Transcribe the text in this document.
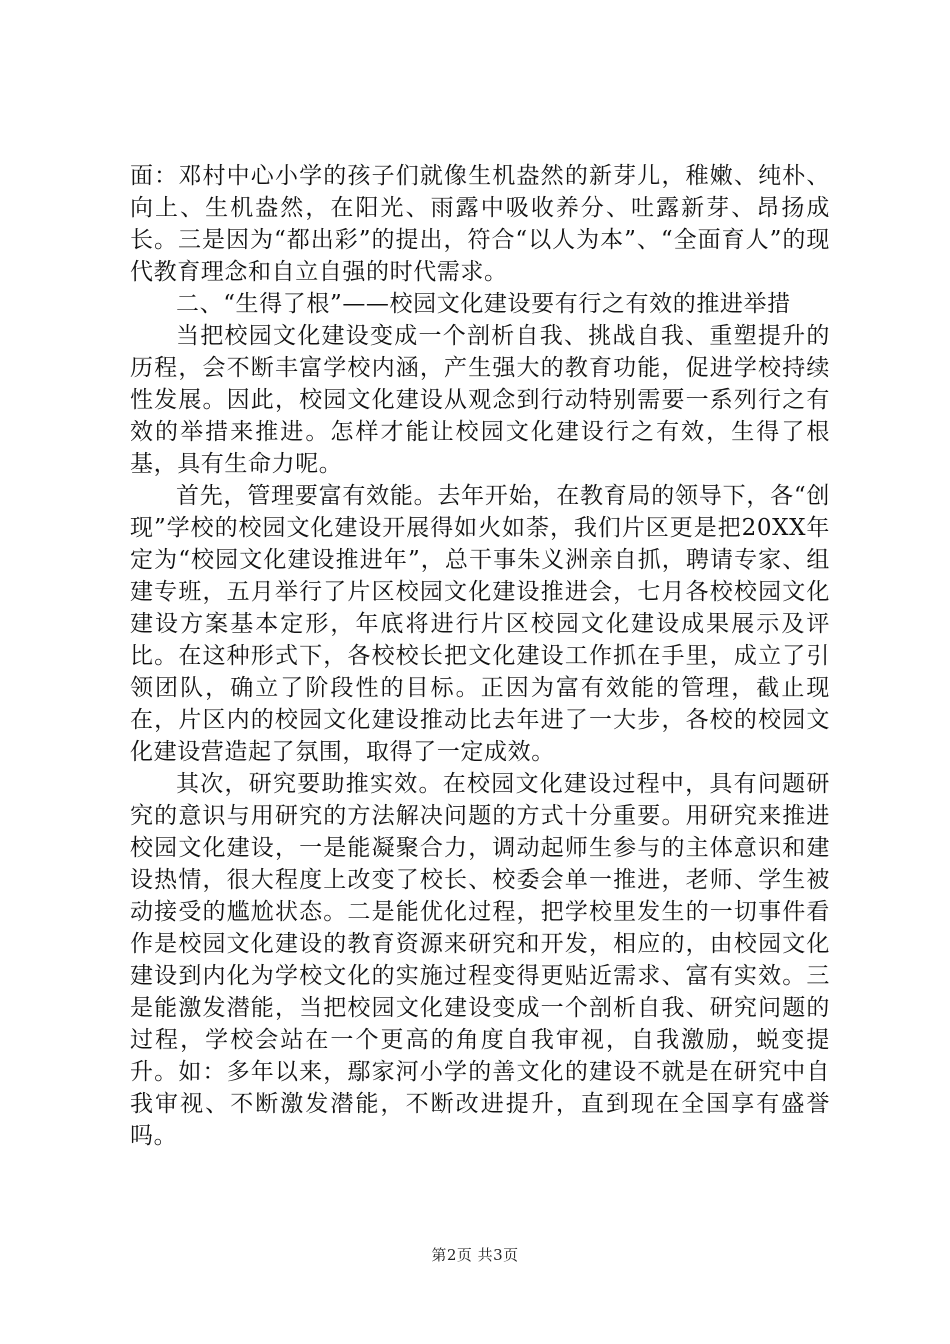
面：邓村中心小学的孩子们就像生机盎然的新芽儿，稚嫩、纯朴、向上、生机盎然，在阳光、雨露中吸收养分、吐露新芽、昂扬成长。三是因为“都出彩”的提出，符合“以人为本”、“全面育人”的现代教育理念和自立自强的时代需求。

二、“生得了根”——校园文化建设要有行之有效的推进举措

当把校园文化建设变成一个剖析自我、挑战自我、重塑提升的历程，会不断丰富学校内涵，产生强大的教育功能，促进学校持续性发展。因此，校园文化建设从观念到行动特别需要一系列行之有效的举措来推进。怎样才能让校园文化建设行之有效，生得了根基，具有生命力呢。

首先，管理要富有效能。去年开始，在教育局的领导下，各“创现”学校的校园文化建设开展得如火如荼，我们片区更是把20XX年定为“校园文化建设推进年”，总干事朱义洲亲自抓，聘请专家、组建专班，五月举行了片区校园文化建设推进会，七月各校校园文化建设方案基本定形，年底将进行片区校园文化建设成果展示及评比。在这种形式下，各校校长把文化建设工作抓在手里，成立了引领团队，确立了阶段性的目标。正因为富有效能的管理，截止现在，片区内的校园文化建设推动比去年进了一大步，各校的校园文化建设营造起了氛围，取得了一定成效。

其次，研究要助推实效。在校园文化建设过程中，具有问题研究的意识与用研究的方法解决问题的方式十分重要。用研究来推进校园文化建设，一是能凝聚合力，调动起师生参与的主体意识和建设热情，很大程度上改变了校长、校委会单一推进，老师、学生被动接受的尴尬状态。二是能优化过程，把学校里发生的一切事件看作是校园文化建设的教育资源来研究和开发，相应的，由校园文化建设到内化为学校文化的实施过程变得更贴近需求、富有实效。三是能激发潜能，当把校园文化建设变成一个剖析自我、研究问题的过程，学校会站在一个更高的角度自我审视，自我激励，蜕变提升。如：多年以来，鄢家河小学的善文化的建设不就是在研究中自我审视、不断激发潜能，不断改进提升，直到现在全国享有盛誉吗。

第2页 共3页
